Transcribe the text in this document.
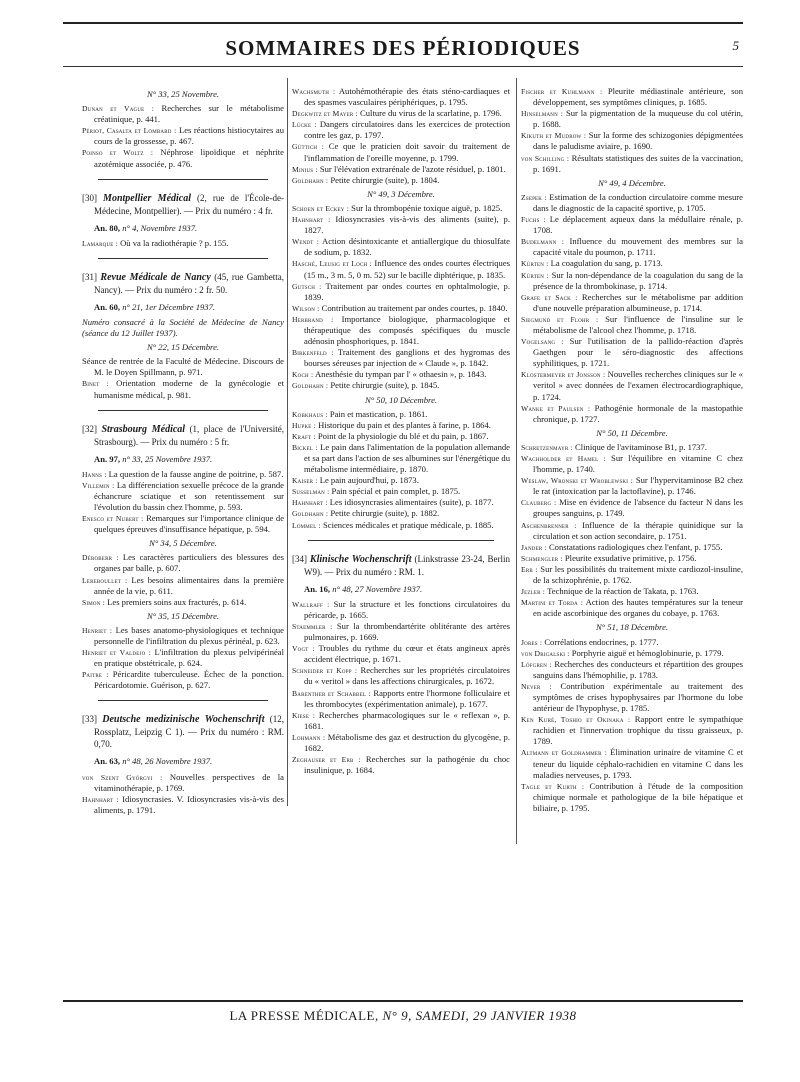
SOMMAIRES DES PÉRIODIQUES	5

N° 33, 25 Novembre.

Dunan et Vague : Recherches sur le métabolisme créatinique, p. 441.

Périot, Casalta et Lombard : Les réactions histiocytaires au cours de la grossesse, p. 467.

Poinso et Woltz : Néphrose lipoïdique et néphrite azotémique associée, p. 476.

[30] Montpellier Médical (2, rue de l'École-de-Médecine, Montpellier). — Prix du numéro : 4 fr.

An. 80, n° 4, Novembre 1937.

Lamarque : Où va la radiothérapie ? p. 155.

[31] Revue Médicale de Nancy (45, rue Gambetta, Nancy). — Prix du numéro : 2 fr. 50.

An. 60, n° 21, 1er Décembre 1937.

Numéro consacré à la Société de Médecine de Nancy (séance du 12 Juillet 1937).

N° 22, 15 Décembre.

Séance de rentrée de la Faculté de Médecine. Discours de M. le Doyen Spillmann, p. 971.

Binet : Orientation moderne de la gynécologie et humanisme médical, p. 981.

[32] Strasbourg Médical (1, place de l'Université, Strasbourg). — Prix du numéro : 5 fr.

An. 97, n° 33, 25 Novembre 1937.

Hanns : La question de la fausse angine de poitrine, p. 587.

Villemin : La différenciation sexuelle précoce de la grande échancrure sciatique et son retentissement sur l'évolution du bassin chez l'homme, p. 593.

Enesco et Nubert : Remarques sur l'importance clinique de quelques épreuves d'insuffisance hépatique, p. 594.

N° 34, 5 Décembre.

Déroberr : Les caractères particuliers des blessures des organes par balle, p. 607.

Lereboullet : Les besoins alimentaires dans la première année de la vie, p. 611.

Simon : Les premiers soins aux fracturés, p. 614.

N° 35, 15 Décembre.

Henriet : Les bases anatomo-physiologiques et technique personnelle de l'infiltration du plexus périnéal, p. 623.

Henriet et Valdejo : L'infiltration du plexus pelvipérinéal en pratique obstétricale, p. 624.

Paitre : Péricardite tuberculeuse. Échec de la ponction. Péricardotomie. Guérison, p. 627.

[33] Deutsche medizinische Wochenschrift (12, Rossplatz, Leipzig C 1). — Prix du numéro : RM. 0,70.

An. 63, n° 48, 26 Novembre 1937.

von Szent Györgyi : Nouvelles perspectives de la vitaminothérapie, p. 1769.

Hahnhart : Idiosyncrasies. V. Idiosyncrasies vis-à-vis des aliments, p. 1791.

Wachsmuth : Autohémothérapie des états sténo-cardiaques et des spasmes vasculaires périphériques, p. 1795.

Degkwitz et Mayer : Culture du virus de la scarlatine, p. 1796.

Lücke : Dangers circulatoires dans les exercices de protection contre les gaz, p. 1797.

Güttich : Ce que le praticien doit savoir du traitement de l'inflammation de l'oreille moyenne, p. 1799.

Minius : Sur l'élévation extrarénale de l'azote résiduel, p. 1801.

Goldhahn : Petite chirurgie (suite), p. 1804.

N° 49, 3 Décembre.

Schoen et Eckey : Sur la thrombopénie toxique aiguë, p. 1825.

Hahnhart : Idiosyncrasies vis-à-vis des aliments (suite), p. 1827.

Wendt : Action désintoxicante et antiallergique du thiosulfate de sodium, p. 1832.

Hasché, Leusig et Loch : Influence des ondes courtes électriques (15 m., 3 m. 5, 0 m. 52) sur le bacille diphtérique, p. 1835.

Gutsch : Traitement par ondes courtes en ophtalmologie, p. 1839.

Wilson : Contribution au traitement par ondes courtes, p. 1840.

Herbrand : Importance biologique, pharmacologique et thérapeutique des composés spécifiques du muscle adénosin phosphoriques, p. 1841.

Birkenfeld : Traitement des ganglions et des hygromas des bourses séreuses par injection de « Claude », p. 1842.

Koch : Anesthésie du tympan par l' « othaesin », p. 1843.

Goldhahn : Petite chirurgie (suite), p. 1845.

N° 50, 10 Décembre.

Kobkhaus : Pain et mastication, p. 1861.

Hupke : Historique du pain et des plantes à farine, p. 1864.

Kraft : Point de la physiologie du blé et du pain, p. 1867.

Bickel : Le pain dans l'alimentation de la population allemande et sa part dans l'action de ses albumines sur l'énergétique du métabolisme intermédiaire, p. 1870.

Kaiser : Le pain aujourd'hui, p. 1873.

Susselman : Pain spécial et pain complet, p. 1875.

Hahnhart : Les idiosyncrasies alimentaires (suite), p. 1877.

Goldhahn : Petite chirurgie (suite), p. 1882.

Lommel : Sciences médicales et pratique médicale, p. 1885.

[34] Klinische Wochenschrift (Linkstrasse 23-24, Berlin W9). — Prix du numéro : RM. 1.

An. 16, n° 48, 27 Novembre 1937.

Wallraff : Sur la structure et les fonctions circulatoires du péricarde, p. 1665.

Staemmler : Sur la thrombendartérite oblitérante des artères pulmonaires, p. 1669.

Vogt : Troubles du rythme du cœur et états angineux après accident électrique, p. 1671.

Schneider et Kopp : Recherches sur les propriétés circulatoires du « veritol » dans les affections chirurgicales, p. 1672.

Barenther et Schabbel : Rapports entre l'hormone folliculaire et les thrombocytes (expérimentation animale), p. 1677.

Kiese : Recherches pharmacologiques sur le « reflexan », p. 1681.

Lohmann : Métabolisme des gaz et destruction du glycogène, p. 1682.

Zeghauser et Erb : Recherches sur la pathogénie du choc insulinique, p. 1684.

Fischer et Kuhlmann : Pleurite médiastinale antérieure, son développement, ses symptômes cliniques, p. 1685.

Hinselmann : Sur la pigmentation de la muqueuse du col utérin, p. 1688.

Kikuth et Mudrow : Sur la forme des schizogonies dépigmentées dans le paludisme aviaire, p. 1690.

von Schilling : Résultats statistiques des suites de la vaccination, p. 1691.

N° 49, 4 Décembre.

Zsepek : Estimation de la conduction circulatoire comme mesure dans le diagnostic de la capacité sportive, p. 1705.

Fuchs : Le déplacement aqueux dans la médullaire rénale, p. 1708.

Budelmann : Influence du mouvement des membres sur la capacité vitale du poumon, p. 1711.

Kürten : La coagulation du sang, p. 1713.

Kürten : Sur la non-dépendance de la coagulation du sang de la présence de la thrombokinase, p. 1714.

Grafe et Sack : Recherches sur le métabolisme par addition d'une nouvelle préparation albumineuse, p. 1714.

Siegmund et Flohr : Sur l'influence de l'insuline sur le métabolisme de l'alcool chez l'homme, p. 1718.

Vogelsang : Sur l'utilisation de la pallido-réaction d'après Gaethgen pour le séro-diagnostic des affections syphilitiques, p. 1721.

Klostermeyer et Jonsson : Nouvelles recherches cliniques sur le « veritol » avec données de l'examen électrocardiographique, p. 1724.

Wanke et Paulsen : Pathogénie hormonale de la mastopathie chronique, p. 1727.

N° 50, 11 Décembre.

Schretzenmayr : Clinique de l'avitaminose B1, p. 1737.

Wachholder et Hamel : Sur l'équilibre en vitamine C chez l'homme, p. 1740.

Weslaw, Wronski et Wroblewski : Sur l'hypervitaminose B2 chez le rat (intoxication par la lactoflavine), p. 1746.

Clauberg : Mise en évidence de l'absence du facteur N dans les groupes sanguins, p. 1749.

Aschenbrenner : Influence de la thérapie quinidique sur la circulation et son action secondaire, p. 1751.

Jander : Constatations radiologiques chez l'enfant, p. 1755.

Schmengler : Pleurite exsudative primitive, p. 1756.

Erb : Sur les possibilités du traitement mixte cardiozol-insuline, de la schizophrénie, p. 1762.

Jezler : Technique de la réaction de Takata, p. 1763.

Martini et Torda : Action des hautes températures sur la teneur en acide ascorbinique des organes du cobaye, p. 1763.

N° 51, 18 Décembre.

Jores : Corrélations endocrines, p. 1777.

von Drigalski : Porphyrie aiguë et hémoglobinurie, p. 1779.

Löfgren : Recherches des conducteurs et répartition des groupes sanguins dans l'hémophilie, p. 1783.

Never : Contribution expérimentale au traitement des symptômes de crises hypophysaires par l'hormone du lobe antérieur de l'hypophyse, p. 1785.

Ken Kuré, Toshio et Okinaka : Rapport entre le sympathique rachidien et l'innervation trophique du tissu graisseux, p. 1789.

Altmann et Goldhammer : Élimination urinaire de vitamine C et teneur du liquide céphalo-rachidien en vitamine C dans les maladies nerveuses, p. 1793.

Tagle et Kurth : Contribution à l'étude de la composition chimique normale et pathologique de la bile hépatique et biliaire, p. 1795.

LA PRESSE MÉDICALE, N° 9, SAMEDI, 29 JANVIER 1938
